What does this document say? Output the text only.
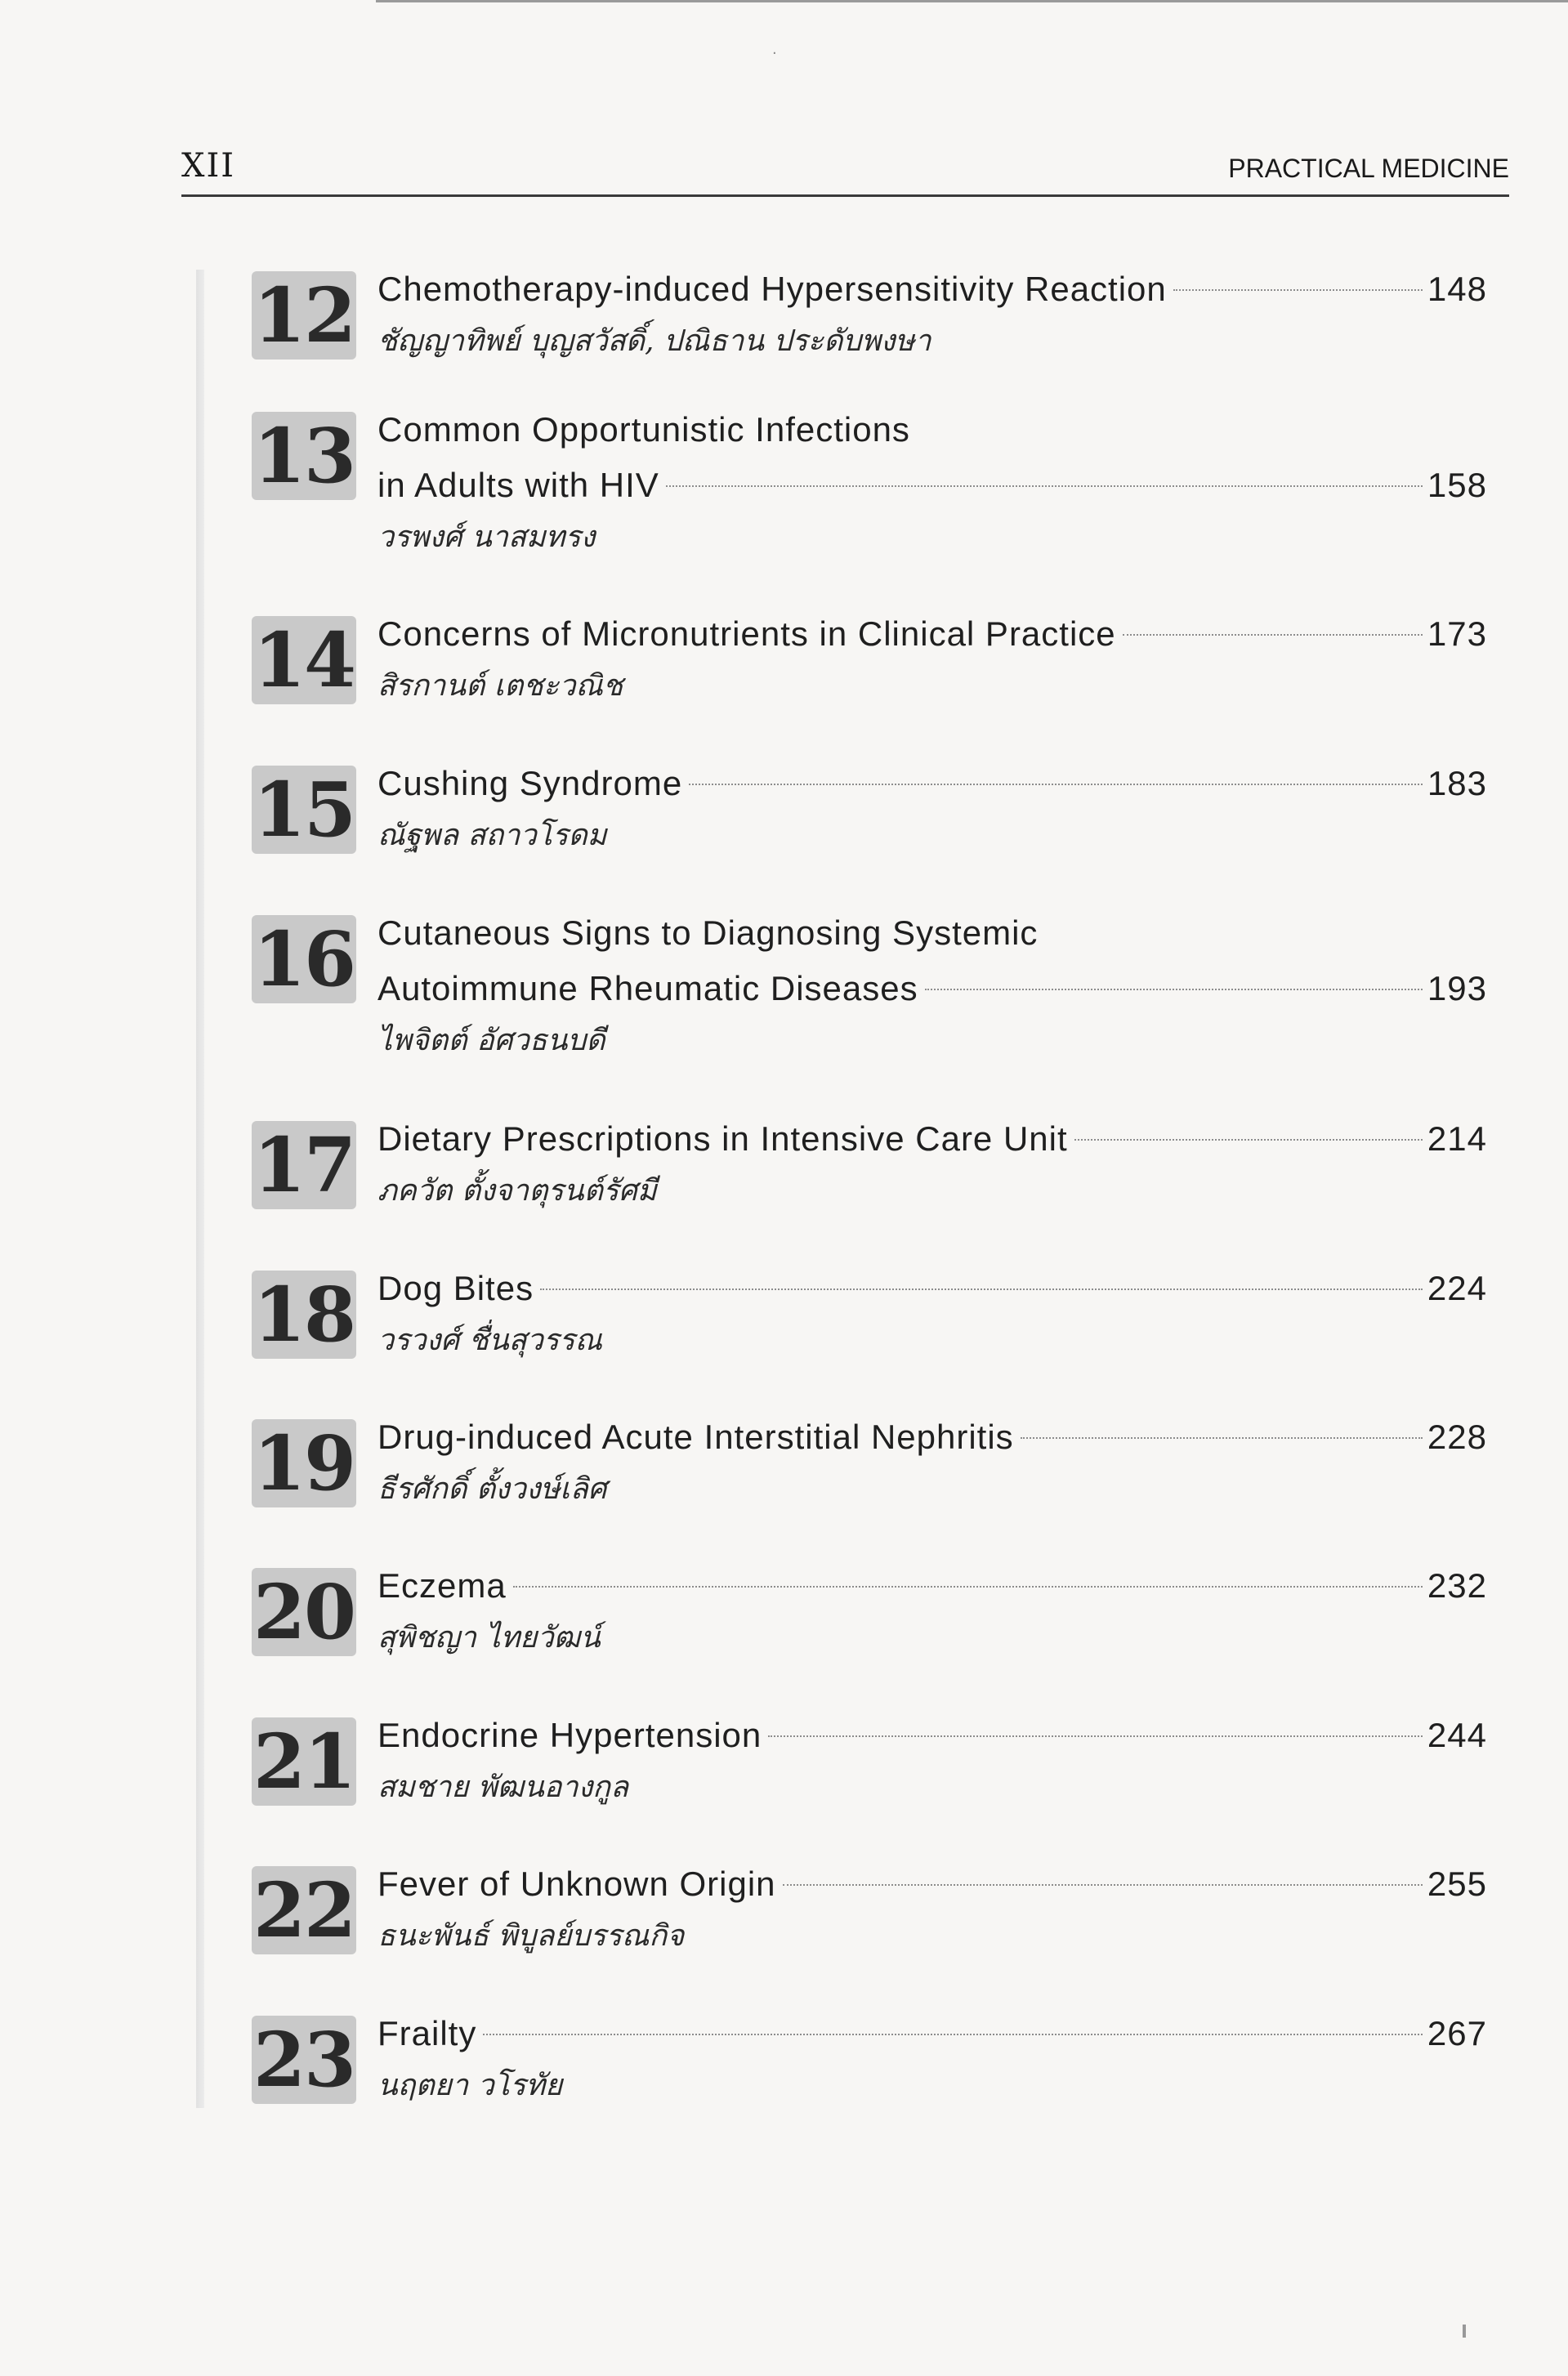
·
XII	PRACTICAL MEDICINE
12 Chemotherapy-induced Hypersensitivity Reaction	148
ชัญญาทิพย์ บุญสวัสดิ์, ปณิธาน ประดับพงษา
13 Common Opportunistic Infections
in Adults with HIV	158
วรพงศ์ นาสมทรง
14 Concerns of Micronutrients in Clinical Practice	173
สิรกานต์ เตชะวณิช
15 Cushing Syndrome	183
ณัฐพล สถาวโรดม
16 Cutaneous Signs to Diagnosing Systemic
Autoimmune Rheumatic Diseases	193
ไพจิตต์ อัศวธนบดี
17 Dietary Prescriptions in Intensive Care Unit	214
ภควัต ตั้งจาตุรนต์รัศมี
18 Dog Bites	224
วรวงศ์ ชื่นสุวรรณ
19 Drug-induced Acute Interstitial Nephritis	228
ธีรศักดิ์ ตั้งวงษ์เลิศ
20 Eczema	232
สุพิชญา ไทยวัฒน์
21 Endocrine Hypertension	244
สมชาย พัฒนอางกูล
22 Fever of Unknown Origin	255
ธนะพันธ์ พิบูลย์บรรณกิจ
23 Frailty	267
นฤตยา วโรทัย
